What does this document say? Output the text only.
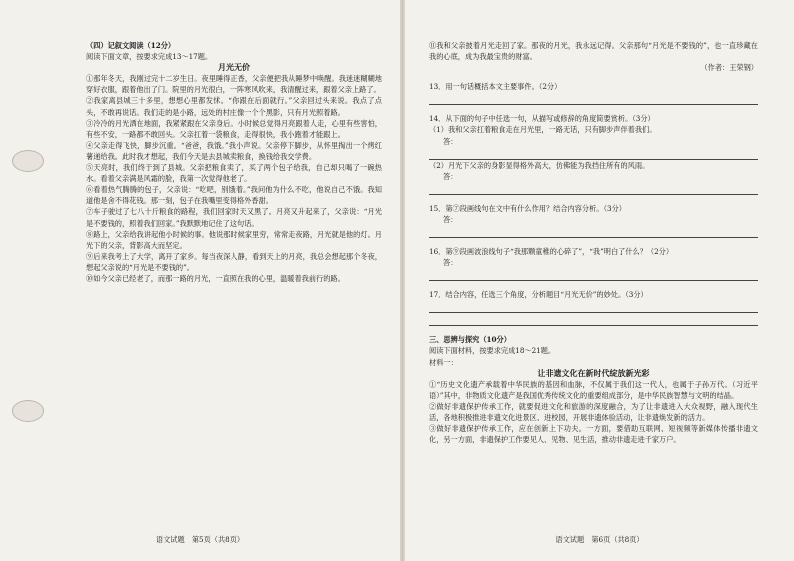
（四）记叙文阅读（12分）

阅读下面文章，按要求完成13～17题。

月光无价

①那年冬天，我刚过完十二岁生日。夜里睡得正香，父亲便把我从睡梦中唤醒。我迷迷糊糊地穿好衣服，跟着他出了门。院里的月光很白，一阵寒风吹来，我清醒过来，跟着父亲上路了。

②我家离县城三十多里，想想心里都发怵。“你跟在后面就行。”父亲回过头来说。我点了点头，不敢再说话。我们走的是小路，远处的村庄像一个个黑影，只有月光照着路。

③冷冷的月光洒在地面，我紧紧跟在父亲身后。小时候总觉得月亮跟着人走，心里有些害怕，有些不安，一路都不敢回头。父亲扛着一袋粮食，走得很快，我小跑着才能跟上。

④父亲走得飞快，脚步沉重。“爸爸，我饿。”我小声说。父亲停下脚步，从怀里掏出一个烤红薯递给我。此时我才想起，我们今天是去县城卖粮食，换钱给我交学费。

⑤天亮时，我们终于到了县城。父亲把粮食卖了，买了两个包子给我，自己却只喝了一碗热水。看着父亲满是风霜的脸，我第一次觉得他老了。

⑥看着热气腾腾的包子，父亲说：“吃吧，别饿着。”我问他为什么不吃，他说自己不饿。我知道他是舍不得花钱。那一刻，包子在我嘴里变得格外香甜。

⑦车子驶过了七八十斤粮食的路程，我们回家时天又黑了。月亮又升起来了，父亲说：“月光是不要钱的，照着我们回家。”我默默地记住了这句话。

⑧路上，父亲给我讲起他小时候的事。他说那时候家里穷，常常走夜路，月光就是他的灯。月光下的父亲，背影高大而坚定。

⑨后来我考上了大学，离开了家乡。每当夜深人静，看到天上的月亮，我总会想起那个冬夜，想起父亲说的“月光是不要钱的”。

⑩如今父亲已经老了，而那一路的月光，一直照在我的心里，温暖着我前行的路。

语文试题　第5页（共8页）

⑪我和父亲披着月光走回了家。那夜的月光，我永远记得。父亲那句“月光是不要钱的”，也一直珍藏在我的心底，成为我最宝贵的财富。

（作者：王荣钢）

13．用一句话概括本文主要事件。（2分）

14．从下面的句子中任选一句，从描写或修辞的角度简要赏析。（3分）

（1）我和父亲扛着粮食走在月光里，一路无话，只有脚步声伴着我们。

答：

（2）月光下父亲的身影显得格外高大，仿佛能为我挡住所有的风雨。

答：

15．第⑦段画线句在文中有什么作用？结合内容分析。（3分）

答：

16．第⑨段画波浪线句子“我那颗童稚的心碎了”，“我”明白了什么？（2分）

答：

17．结合内容，任选三个角度，分析题目“月光无价”的妙处。（3分）

三、思辨与探究（10分）

阅读下面材料，按要求完成18～21题。

材料一：

让非遗文化在新时代绽放新光彩

①“历史文化遗产承载着中华民族的基因和血脉，不仅属于我们这一代人，也属于子孙万代。（习近平语）”其中，非物质文化遗产是我国优秀传统文化的重要组成部分，是中华民族智慧与文明的结晶。

②做好非遗保护传承工作，就要促进文化和旅游的深度融合，为了让非遗进入大众视野，融入现代生活，各地积极推进非遗文化进景区、进校园，开展非遗体验活动，让非遗焕发新的活力。

③做好非遗保护传承工作，应在创新上下功夫。一方面，要借助互联网、短视频等新媒体传播非遗文化，另一方面，非遗保护工作要见人、见物、见生活，推动非遗走进千家万户。

语文试题　第6页（共8页）
